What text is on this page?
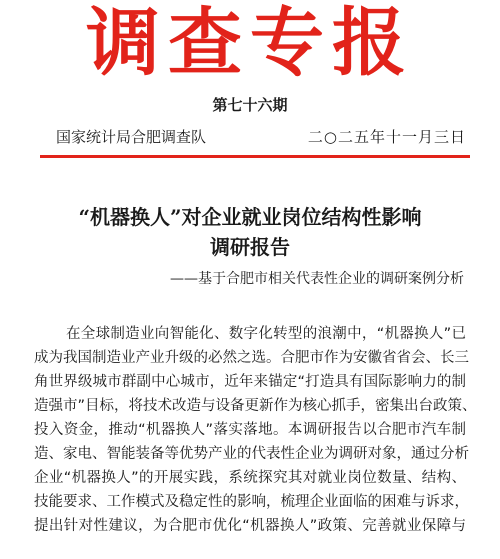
调查专报
第七十六期
国家统计局合肥调查队	二○二五年十一月三日
“机器换人”对企业就业岗位结构性影响
调研报告
——基于合肥市相关代表性企业的调研案例分析
在全球制造业向智能化、数字化转型的浪潮中，“机器换人”已
成为我国制造业产业升级的必然之选。合肥市作为安徽省省会、长三
角世界级城市群副中心城市，近年来锚定“打造具有国际影响力的制
造强市”目标，将技术改造与设备更新作为核心抓手，密集出台政策、
投入资金，推动“机器换人”落实落地。本调研报告以合肥市汽车制
造、家电、智能装备等优势产业的代表性企业为调研对象，通过分析
企业“机器换人”的开展实践，系统探究其对就业岗位数量、结构、
技能要求、工作模式及稳定性的影响，梳理企业面临的困难与诉求，
提出针对性建议，为合肥市优化“机器换人”政策、完善就业保障与
